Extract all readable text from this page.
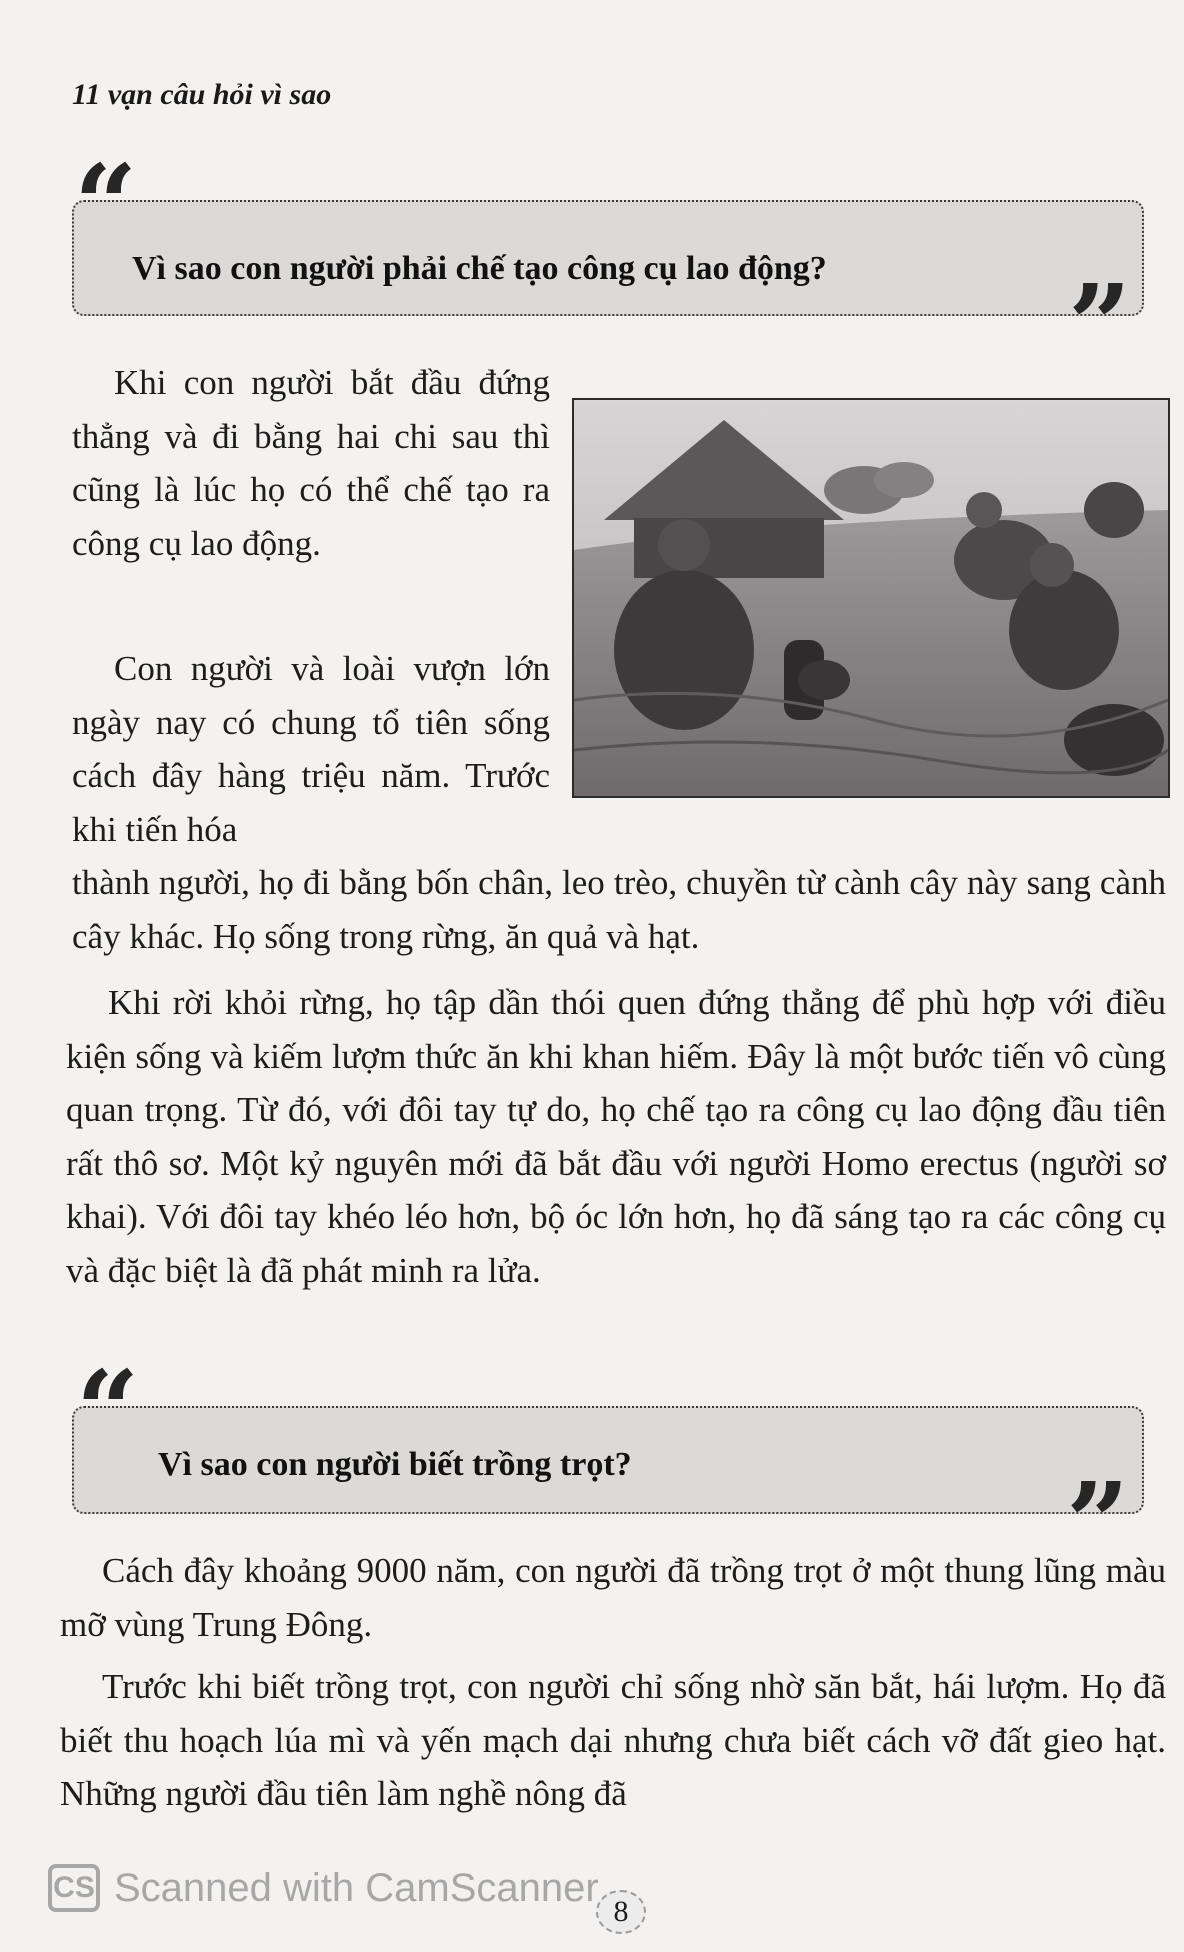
11 vạn câu hỏi vì sao
Vì sao con người phải chế tạo công cụ lao động?
“
”

Khi con người bắt đầu đứng thẳng và đi bằng hai chi sau thì cũng là lúc họ có thể chế tạo ra công cụ lao động.

Con người và loài vượn lớn ngày nay có chung tổ tiên sống cách đây hàng triệu năm. Trước khi tiến hóa

thành người, họ đi bằng bốn chân, leo trèo, chuyền từ cành cây này sang cành cây khác. Họ sống trong rừng, ăn quả và hạt.

Khi rời khỏi rừng, họ tập dần thói quen đứng thẳng để phù hợp với điều kiện sống và kiếm lượm thức ăn khi khan hiếm. Đây là một bước tiến vô cùng quan trọng. Từ đó, với đôi tay tự do, họ chế tạo ra công cụ lao động đầu tiên rất thô sơ. Một kỷ nguyên mới đã bắt đầu với người Homo erectus (người sơ khai). Với đôi tay khéo léo hơn, bộ óc lớn hơn, họ đã sáng tạo ra các công cụ và đặc biệt là đã phát minh ra lửa.

Vì sao con người biết trồng trọt?
“
”

Cách đây khoảng 9000 năm, con người đã trồng trọt ở một thung lũng màu mỡ vùng Trung Đông.

Trước khi biết trồng trọt, con người chỉ sống nhờ săn bắt, hái lượm. Họ đã biết thu hoạch lúa mì và yến mạch dại nhưng chưa biết cách vỡ đất gieo hạt. Những người đầu tiên làm nghề nông đã

CS Scanned with CamScanner
8
